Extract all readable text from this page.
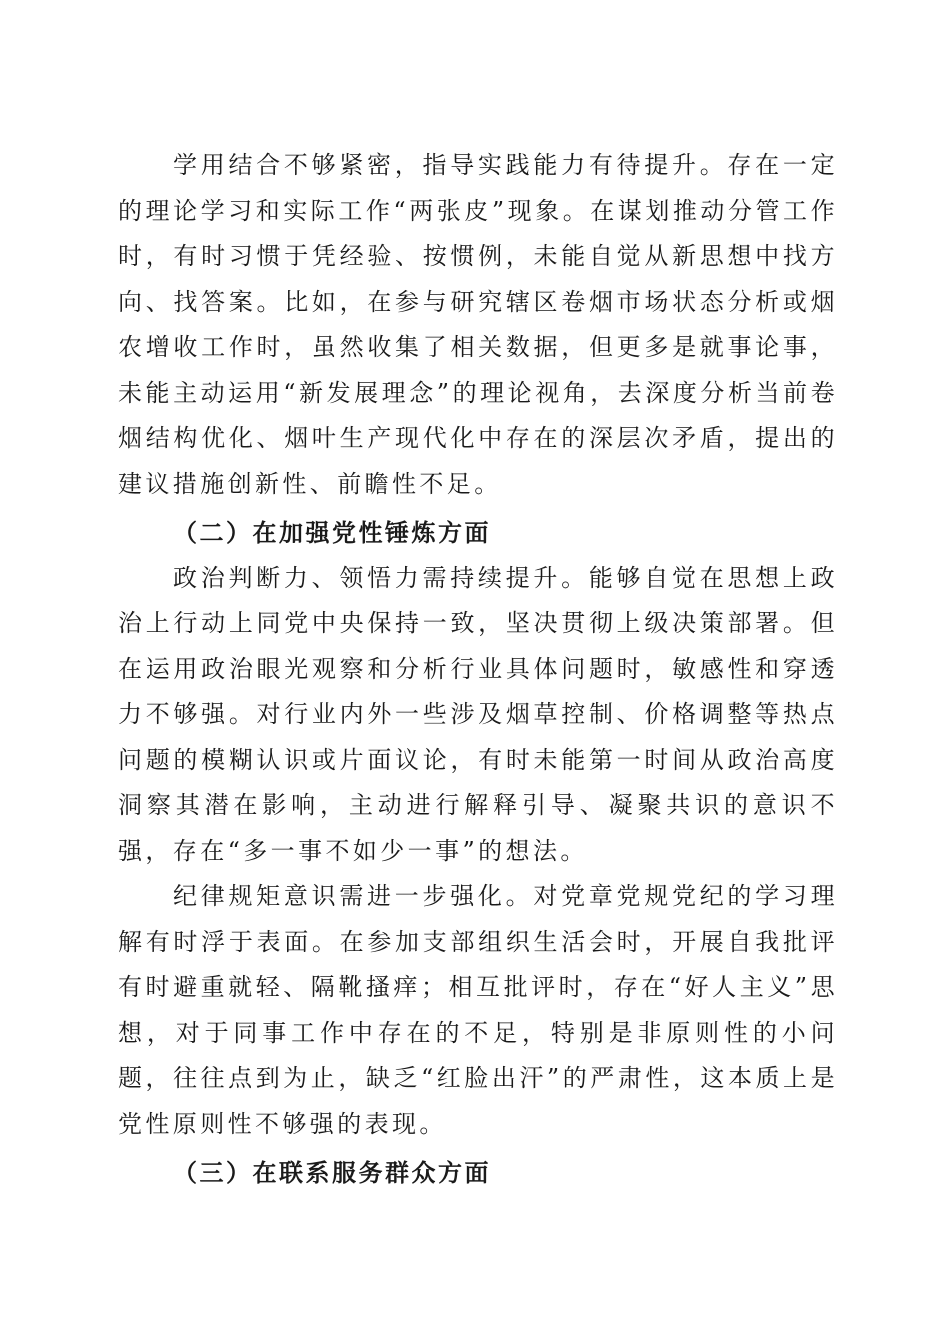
学用结合不够紧密，指导实践能力有待提升。存在一定的理论学习和实际工作“两张皮”现象。在谋划推动分管工作时，有时习惯于凭经验、按惯例，未能自觉从新思想中找方向、找答案。比如，在参与研究辖区卷烟市场状态分析或烟农增收工作时，虽然收集了相关数据，但更多是就事论事，未能主动运用“新发展理念”的理论视角，去深度分析当前卷烟结构优化、烟叶生产现代化中存在的深层次矛盾，提出的建议措施创新性、前瞻性不足。

（二）在加强党性锤炼方面

政治判断力、领悟力需持续提升。能够自觉在思想上政治上行动上同党中央保持一致，坚决贯彻上级决策部署。但在运用政治眼光观察和分析行业具体问题时，敏感性和穿透力不够强。对行业内外一些涉及烟草控制、价格调整等热点问题的模糊认识或片面议论，有时未能第一时间从政治高度洞察其潜在影响，主动进行解释引导、凝聚共识的意识不强，存在“多一事不如少一事”的想法。

纪律规矩意识需进一步强化。对党章党规党纪的学习理解有时浮于表面。在参加支部组织生活会时，开展自我批评有时避重就轻、隔靴搔痒；相互批评时，存在“好人主义”思想，对于同事工作中存在的不足，特别是非原则性的小问题，往往点到为止，缺乏“红脸出汗”的严肃性，这本质上是党性原则性不够强的表现。

（三）在联系服务群众方面
